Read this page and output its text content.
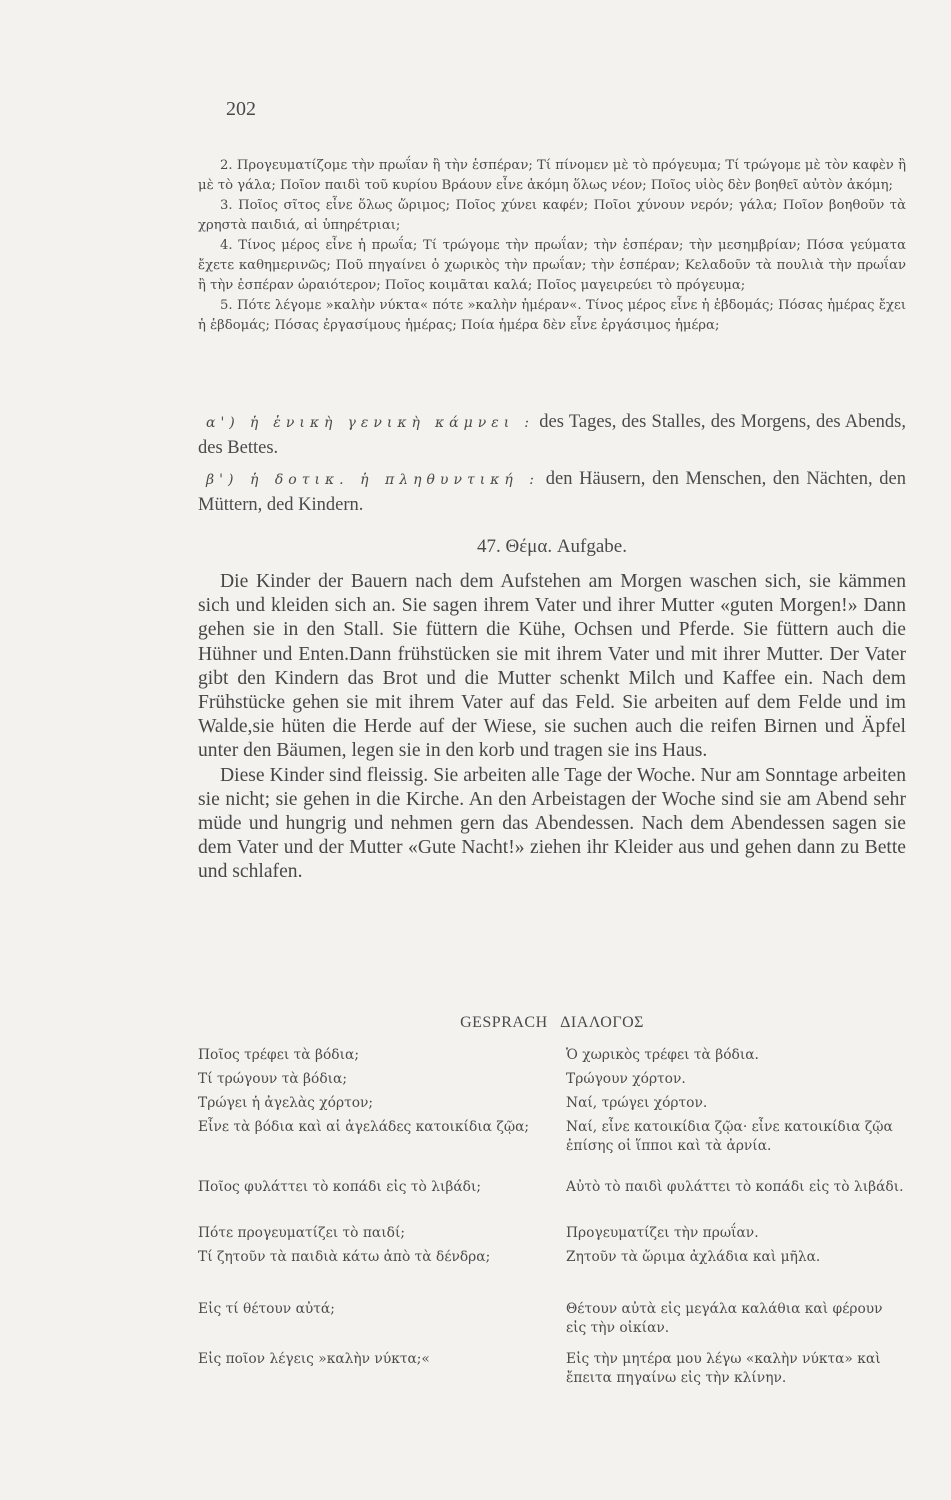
202

2. Προγευματίζομε τὴν πρωΐαν ἢ τὴν ἑσπέραν; Τί πίνομεν μὲ τὸ πρόγευμα; Τί τρώγομε μὲ τὸν καφὲν ἢ μὲ τὸ γάλα; Ποῖον παιδὶ τοῦ κυρίου Βράουν εἶνε ἀκόμη ὅλως νέον; Ποῖος υἱὸς δὲν βοηθεῖ αὐτὸν ἀκόμη;

3. Ποῖος σῖτος εἶνε ὅλως ὥριμος; Ποῖος χύνει καφέν; Ποῖοι χύνουν νερόν; γάλα; Ποῖον βοηθοῦν τὰ χρηστὰ παιδιά, αἱ ὑπηρέτριαι;

4. Τίνος μέρος εἶνε ἡ πρωΐα; Τί τρώγομε τὴν πρωΐαν; τὴν ἑσπέραν; τὴν μεσημβρίαν; Πόσα γεύματα ἔχετε καθημερινῶς; Ποῦ πηγαίνει ὁ χωρικὸς τὴν πρωΐαν; τὴν ἑσπέραν; Κελαδοῦν τὰ πουλιὰ τὴν πρωΐαν ἢ τὴν ἑσπέραν ὡραιότερον; Ποῖος κοιμᾶται καλά; Ποῖος μαγειρεύει τὸ πρόγευμα;

5. Πότε λέγομε »καλὴν νύκτα« πότε »καλὴν ἡμέραν«. Τίνος μέρος εἶνε ἡ ἑβδομάς; Πόσας ἡμέρας ἔχει ἡ ἑβδομάς; Πόσας ἐργασίμους ἡμέρας; Ποία ἡμέρα δὲν εἶνε ἐργάσιμος ἡμέρα;

α') ἡ ἑνικὴ γενικὴ κάμνει : des Tages, des Stalles, des Morgens, des Abends, des Bettes.

β') ἡ δοτικ. ἡ πληθυντική : den Häusern, den Menschen, den Nächten, den Müttern, ded Kindern.

47. Θέμα. Aufgabe.

Die Kinder der Bauern nach dem Aufstehen am Morgen waschen sich, sie kämmen sich und kleiden sich an. Sie sagen ihrem Vater und ihrer Mutter «guten Morgen!» Dann gehen sie in den Stall. Sie füttern die Kühe, Ochsen und Pferde. Sie füttern auch die Hühner und Enten.Dann frühstücken sie mit ihrem Vater und mit ihrer Mutter. Der Vater gibt den Kindern das Brot und die Mutter schenkt Milch und Kaffee ein. Nach dem Frühstücke gehen sie mit ihrem Vater auf das Feld. Sie arbeiten auf dem Felde und im Walde,sie hüten die Herde auf der Wiese, sie suchen auch die reifen Birnen und Äpfel unter den Bäumen, legen sie in den korb und tragen sie ins Haus.

Diese Kinder sind fleissig. Sie arbeiten alle Tage der Woche. Nur am Sonntage arbeiten sie nicht; sie gehen in die Kirche. An den Arbeistagen der Woche sind sie am Abend sehr müde und hungrig und nehmen gern das Abendessen. Nach dem Abendessen sagen sie dem Vater und der Mutter «Gute Nacht!» ziehen ihr Kleider aus und gehen dann zu Bette und schlafen.

GESPRACH ΔΙΑΛΟΓΟΣ
Ποῖος τρέφει τὰ βόδια;	Ὁ χωρικὸς τρέφει τὰ βόδια.
Τί τρώγουν τὰ βόδια;	Τρώγουν χόρτον.
Τρώγει ἡ ἀγελὰς χόρτον;	Ναί, τρώγει χόρτον.
Εἶνε τὰ βόδια καὶ αἱ ἀγελάδες κατοικίδια ζῷα;	Ναί, εἶνε κατοικίδια ζῷα· εἶνε κατοικίδια ζῷα ἐπίσης οἱ ἵπποι καὶ τὰ ἀρνία.
Ποῖος φυλάττει τὸ κοπάδι εἰς τὸ λιβάδι;	Αὐτὸ τὸ παιδὶ φυλάττει τὸ κοπάδι εἰς τὸ λιβάδι.
Πότε προγευματίζει τὸ παιδί;	Προγευματίζει τὴν πρωΐαν.
Τί ζητοῦν τὰ παιδιὰ κάτω ἀπὸ τὰ δένδρα;	Ζητοῦν τὰ ὥριμα ἀχλάδια καὶ μῆλα.
Εἰς τί θέτουν αὐτά;	Θέτουν αὐτὰ εἰς μεγάλα καλάθια καὶ φέρουν εἰς τὴν οἰκίαν.
Εἰς ποῖον λέγεις »καλὴν νύκτα;«	Εἰς τὴν μητέρα μου λέγω «καλὴν νύκτα» καὶ ἔπειτα πηγαίνω εἰς τὴν κλίνην.
